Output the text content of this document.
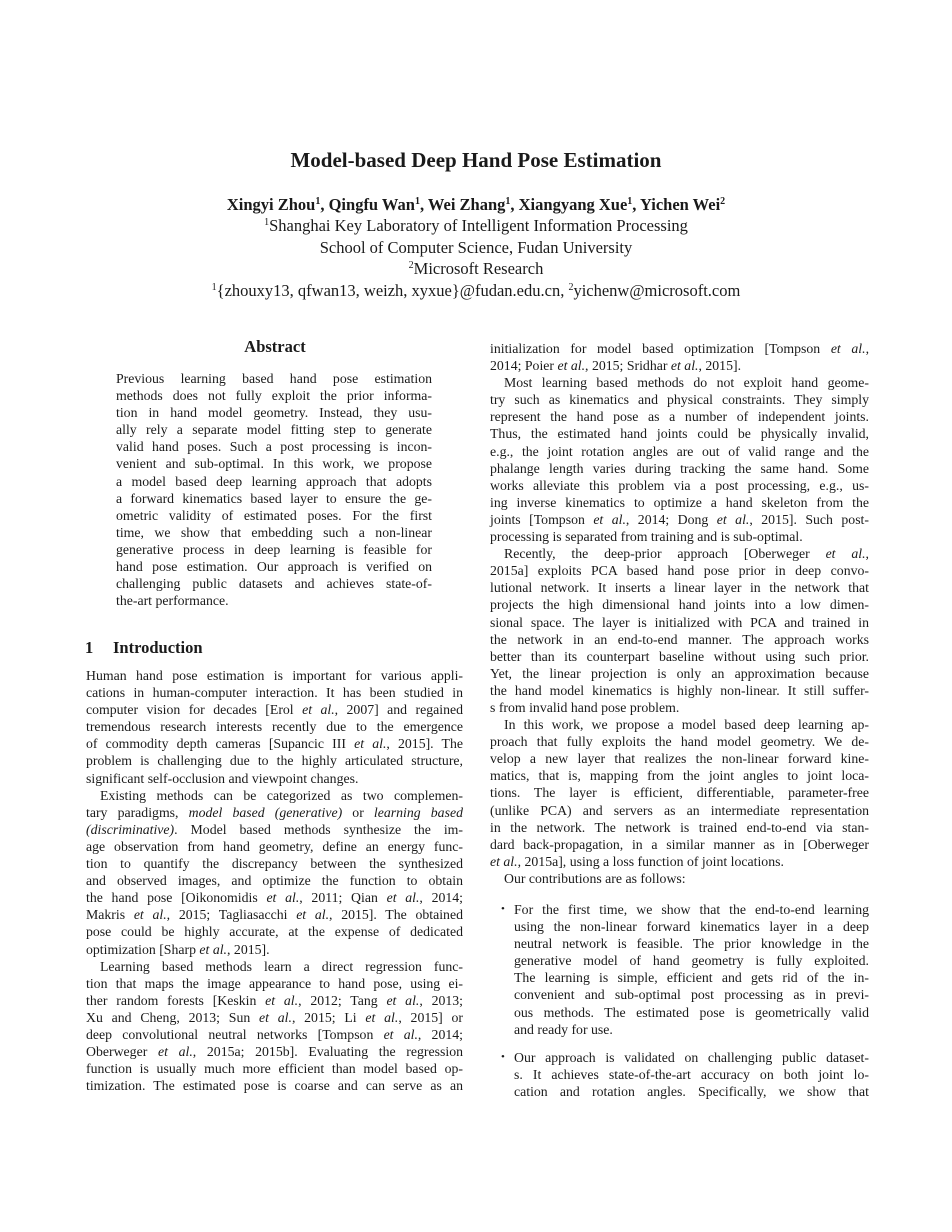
Model-based Deep Hand Pose Estimation
Xingyi Zhou$^1$, Qingfu Wan$^1$, Wei Zhang$^1$, Xiangyang Xue$^1$, Yichen Wei$^2$
$^1$Shanghai Key Laboratory of Intelligent Information Processing
School of Computer Science, Fudan University
$^2$Microsoft Research
$^1${zhouxy13, qfwan13, weizh, xyxue}@fudan.edu.cn, $^2$yichenw@microsoft.com
Abstract
Previous learning based hand pose estimation
methods does not fully exploit the prior informa-
tion in hand model geometry. Instead, they usu-
ally rely a separate model fitting step to generate
valid hand poses. Such a post processing is incon-
venient and sub-optimal. In this work, we propose
a model based deep learning approach that adopts
a forward kinematics based layer to ensure the ge-
ometric validity of estimated poses. For the first
time, we show that embedding such a non-linear
generative process in deep learning is feasible for
hand pose estimation. Our approach is verified on
challenging public datasets and achieves state-of-
the-art performance.
1 Introduction
Human hand pose estimation is important for various appli-
cations in human-computer interaction. It has been studied in
computer vision for decades [Erol et al., 2007] and regained
tremendous research interests recently due to the emergence
of commodity depth cameras [Supancic III et al., 2015]. The
problem is challenging due to the highly articulated structure,
significant self-occlusion and viewpoint changes.
Existing methods can be categorized as two complemen-
tary paradigms, model based (generative) or learning based
(discriminative). Model based methods synthesize the im-
age observation from hand geometry, define an energy func-
tion to quantify the discrepancy between the synthesized
and observed images, and optimize the function to obtain
the hand pose [Oikonomidis et al., 2011; Qian et al., 2014;
Makris et al., 2015; Tagliasacchi et al., 2015]. The obtained
pose could be highly accurate, at the expense of dedicated
optimization [Sharp et al., 2015].
Learning based methods learn a direct regression func-
tion that maps the image appearance to hand pose, using ei-
ther random forests [Keskin et al., 2012; Tang et al., 2013;
Xu and Cheng, 2013; Sun et al., 2015; Li et al., 2015] or
deep convolutional neutral networks [Tompson et al., 2014;
Oberweger et al., 2015a; 2015b]. Evaluating the regression
function is usually much more efficient than model based op-
timization. The estimated pose is coarse and can serve as an
initialization for model based optimization [Tompson et al.,
2014; Poier et al., 2015; Sridhar et al., 2015].
Most learning based methods do not exploit hand geome-
try such as kinematics and physical constraints. They simply
represent the hand pose as a number of independent joints.
Thus, the estimated hand joints could be physically invalid,
e.g., the joint rotation angles are out of valid range and the
phalange length varies during tracking the same hand. Some
works alleviate this problem via a post processing, e.g., us-
ing inverse kinematics to optimize a hand skeleton from the
joints [Tompson et al., 2014; Dong et al., 2015]. Such post-
processing is separated from training and is sub-optimal.
Recently, the deep-prior approach [Oberweger et al.,
2015a] exploits PCA based hand pose prior in deep convo-
lutional network. It inserts a linear layer in the network that
projects the high dimensional hand joints into a low dimen-
sional space. The layer is initialized with PCA and trained in
the network in an end-to-end manner. The approach works
better than its counterpart baseline without using such prior.
Yet, the linear projection is only an approximation because
the hand model kinematics is highly non-linear. It still suffer-
s from invalid hand pose problem.
In this work, we propose a model based deep learning ap-
proach that fully exploits the hand model geometry. We de-
velop a new layer that realizes the non-linear forward kine-
matics, that is, mapping from the joint angles to joint loca-
tions. The layer is efficient, differentiable, parameter-free
(unlike PCA) and servers as an intermediate representation
in the network. The network is trained end-to-end via stan-
dard back-propagation, in a similar manner as in [Oberweger
et al., 2015a], using a loss function of joint locations.
Our contributions are as follows:
• For the first time, we show that the end-to-end learning
using the non-linear forward kinematics layer in a deep
neutral network is feasible. The prior knowledge in the
generative model of hand geometry is fully exploited.
The learning is simple, efficient and gets rid of the in-
convenient and sub-optimal post processing as in previ-
ous methods. The estimated pose is geometrically valid
and ready for use.
• Our approach is validated on challenging public dataset-
s. It achieves state-of-the-art accuracy on both joint lo-
cation and rotation angles. Specifically, we show that
